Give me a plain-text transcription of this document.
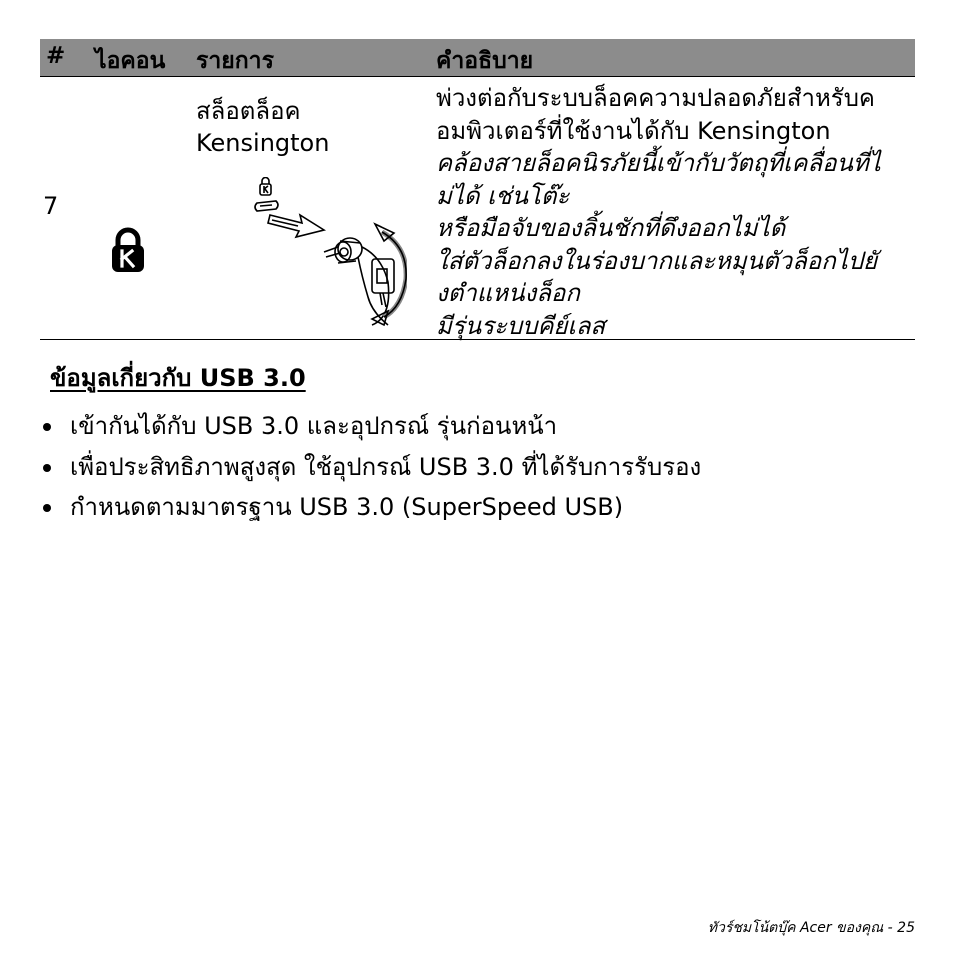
# ไอคอน รายการ	คำอธิบาย
7
สล็อตล็อค
Kensington
พ่วงต่อกับระบบล็อคความปลอดภัยสำหรับค
อมพิวเตอร์ที่ใช้งานได้กับ Kensington
คล้องสายล็อคนิรภัยนี้เข้ากับวัตถุที่เคลื่อนที่ไ
ม่ได้ เช่นโต๊ะ
หรือมือจับของลิ้นชักที่ดึงออกไม่ได้
ใส่ตัวล็อกลงในร่องบากและหมุนตัวล็อกไปยั
งตำแหน่งล็อก
มีรุ่นระบบคีย์เลส
ข้อมูลเกี่ยวกับ USB 3.0
เข้ากันได้กับ USB 3.0 และอุปกรณ์ รุ่นก่อนหน้า
เพื่อประสิทธิภาพสูงสุด ใช้อุปกรณ์ USB 3.0 ที่ได้รับการรับรอง
กำหนดตามมาตรฐาน USB 3.0 (SuperSpeed USB)
ทัวร์ชมโน้ตบุ๊ค Acer ของคุณ - 25
